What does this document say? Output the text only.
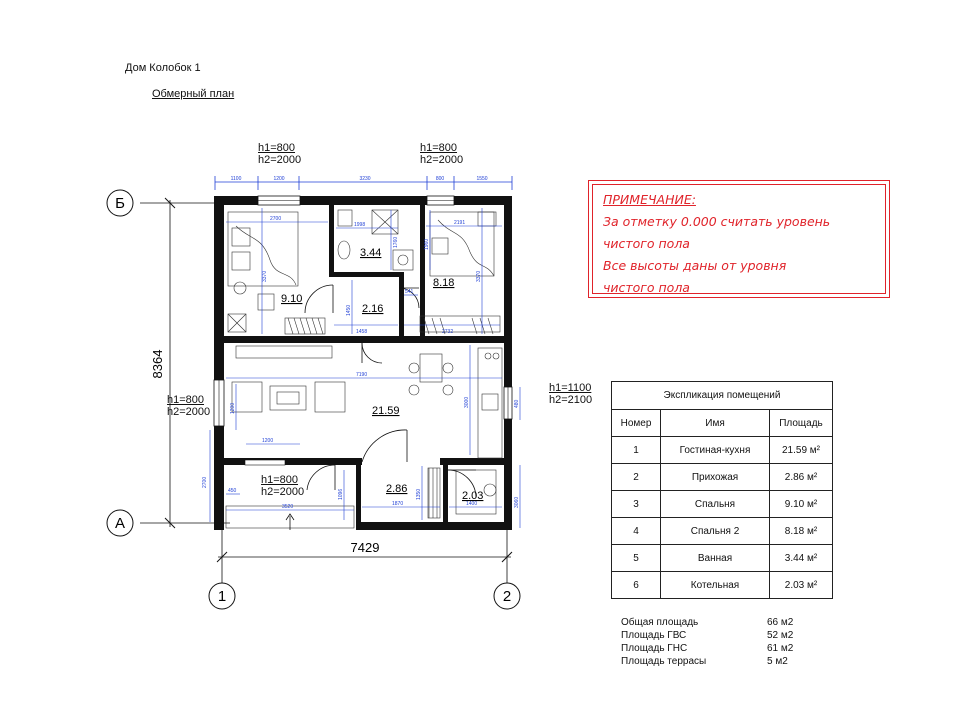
Дом Колобок 1
Обмерный план
Б
А
1	2
8364
7429
1100	1200	3230	800	1550
2700
1998	2191
3370	3370
1760	1960
1450
1458
541
2732
7190
1200
1200
3000	480
2700
450
3520
1096
1870
1350
1400	3060
9.10
3.44
2.16
8.18
21.59
2.86
2.03
h1=800
h2=2000
h1=800
h2=2000
h1=800
h2=2000
h1=1100
h2=2100
h1=800
h2=2000
ПРИМЕЧАНИЕ:
За отметку 0.000 считать уровень
чистого пола
Все высоты даны от уровня
чистого пола
Экспликация помещений		
Номер	Имя	Площадь
1	Гостиная-кухня	21.59 м²
2	Прихожая	2.86 м²
3	Спальня	9.10 м²
4	Спальня 2	8.18 м²
5	Ванная	3.44 м²
6	Котельная	2.03 м²
Общая площадь	66 м2
Площадь ГВС	52 м2
Площадь ГНС	61 м2
Площадь террасы	5 м2
